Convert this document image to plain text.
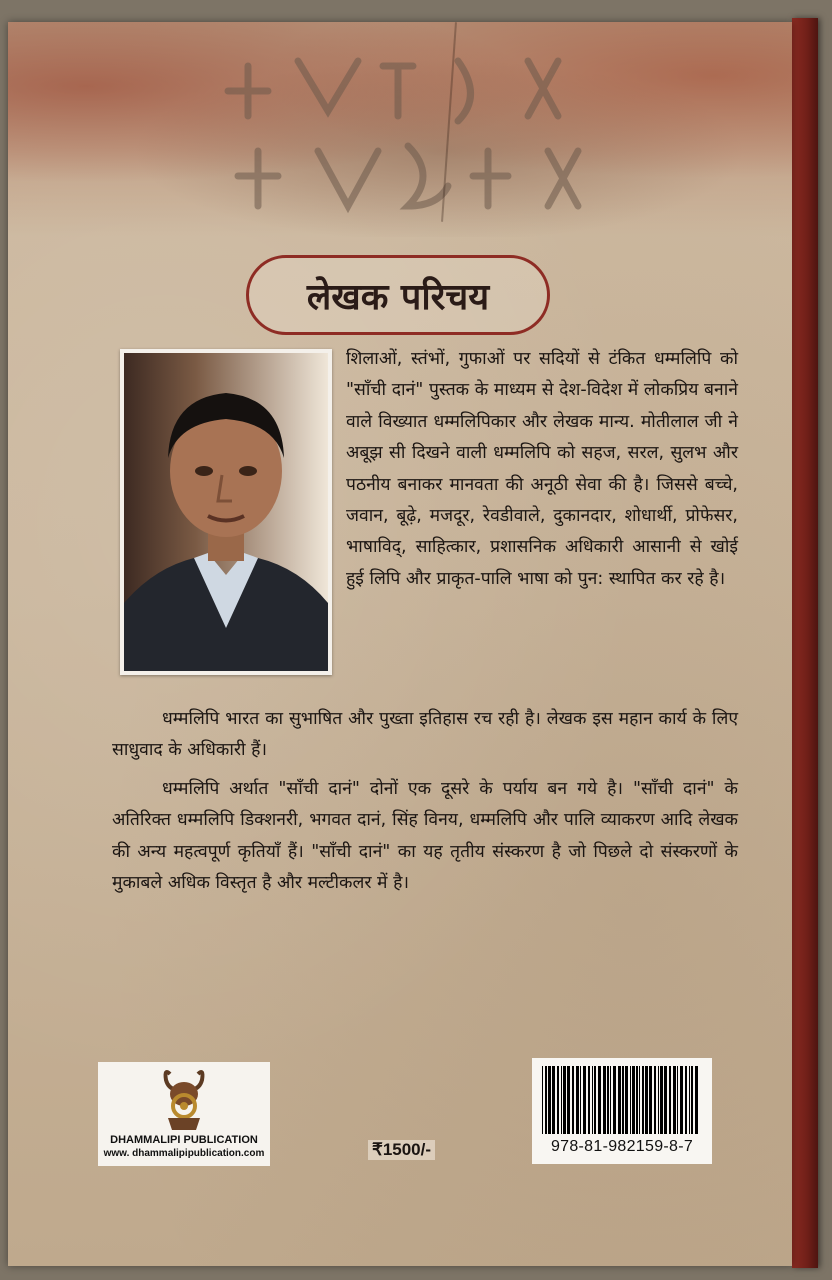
लेखक परिचय

शिलाओं, स्तंभों, गुफाओं पर सदियों से टंकित धम्मलिपि को "साँची दानं" पुस्तक के माध्यम से देश-विदेश में लोकप्रिय बनाने वाले विख्यात धम्मलिपिकार और लेखक मान्य. मोतीलाल जी ने अबूझ सी दिखने वाली धम्मलिपि को सहज, सरल, सुलभ और पठनीय बनाकर मानवता की अनूठी सेवा की है। जिससे बच्चे, जवान, बूढ़े, मजदूर, रेवडीवाले, दुकानदार, शोधार्थी, प्रोफेसर, भाषाविद्, साहित्कार, प्रशासनिक अधिकारी आसानी से खोई हुई लिपि और प्राकृत-पालि भाषा को पुन: स्थापित कर रहे है।

धम्मलिपि भारत का सुभाषित और पुख्ता इतिहास रच रही है। लेखक इस महान कार्य के लिए साधुवाद के अधिकारी हैं।

धम्मलिपि अर्थात "साँची दानं" दोनों एक दूसरे के पर्याय बन गये है। "साँची दानं" के अतिरिक्त धम्मलिपि डिक्शनरी, भगवत दानं, सिंह विनय, धम्मलिपि और पालि व्याकरण आदि लेखक की अन्य महत्वपूर्ण कृतियाँ हैं। "साँची दानं" का यह तृतीय संस्करण है जो पिछले दो संस्करणों के मुकाबले अधिक विस्तृत है और मल्टीकलर में है।

DHAMMALIPI PUBLICATION
www. dhammalipipublication.com	₹1500/-	978-81-982159-8-7
